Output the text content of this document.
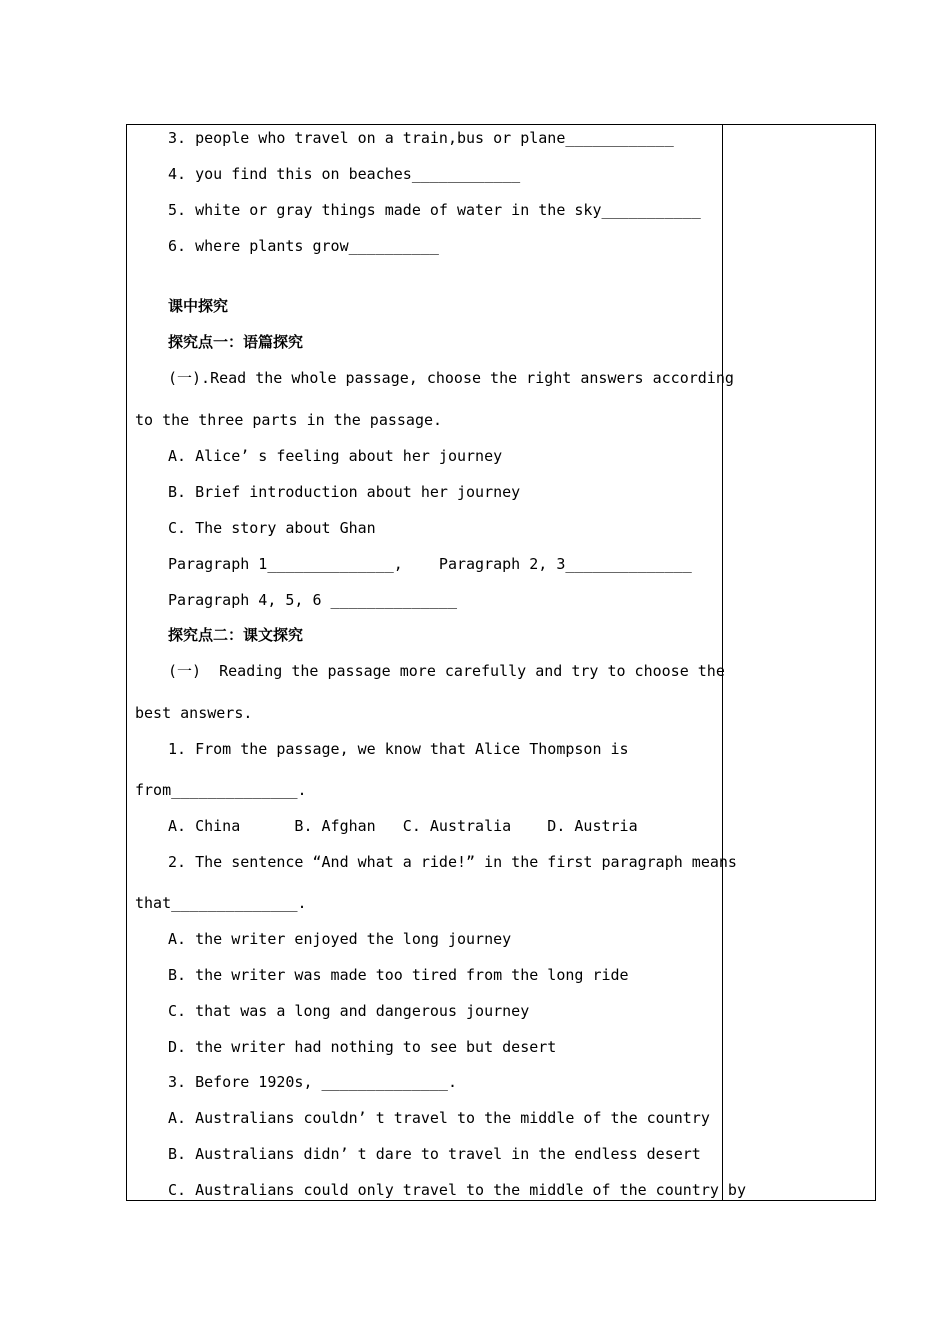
3. people who travel on a train,bus or plane____________
4. you find this on beaches____________
5. white or gray things made of water in the sky___________
6. where plants grow__________
课中探究
探究点一：语篇探究
(一).Read the whole passage, choose the right answers according
to the three parts in the passage.
A. Alice’ s feeling about her journey
B. Brief introduction about her journey
C. The story about Ghan
Paragraph 1______________,    Paragraph 2, 3______________
Paragraph 4, 5, 6 ______________
探究点二：课文探究
(一)  Reading the passage more carefully and try to choose the
best answers.
1. From the passage, we know that Alice Thompson is
from______________.
A. China      B. Afghan   C. Australia    D. Austria
2. The sentence “And what a ride!” in the first paragraph means
that______________.
A. the writer enjoyed the long journey
B. the writer was made too tired from the long ride
C. that was a long and dangerous journey
D. the writer had nothing to see but desert
3. Before 1920s, ______________.
A. Australians couldn’ t travel to the middle of the country
B. Australians didn’ t dare to travel in the endless desert
C. Australians could only travel to the middle of the country by
